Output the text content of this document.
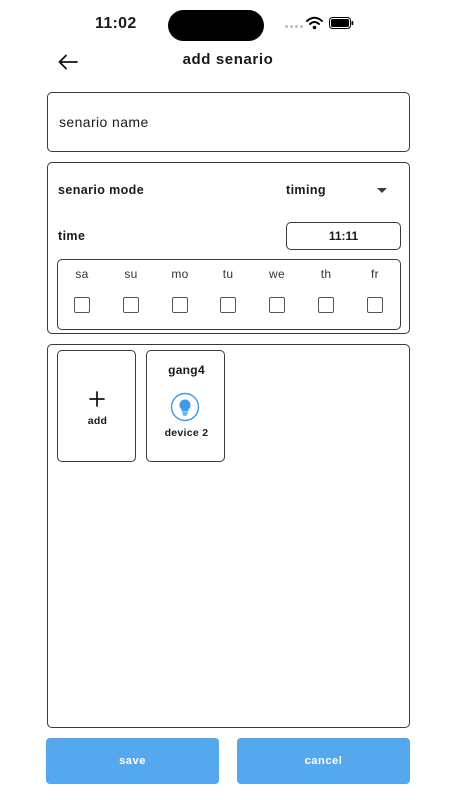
11:02
add senario
senario name
senario mode	timing
time	11:11
sa	su	mo	tu	we	th	fr
add
gang4
device 2
save	cancel
